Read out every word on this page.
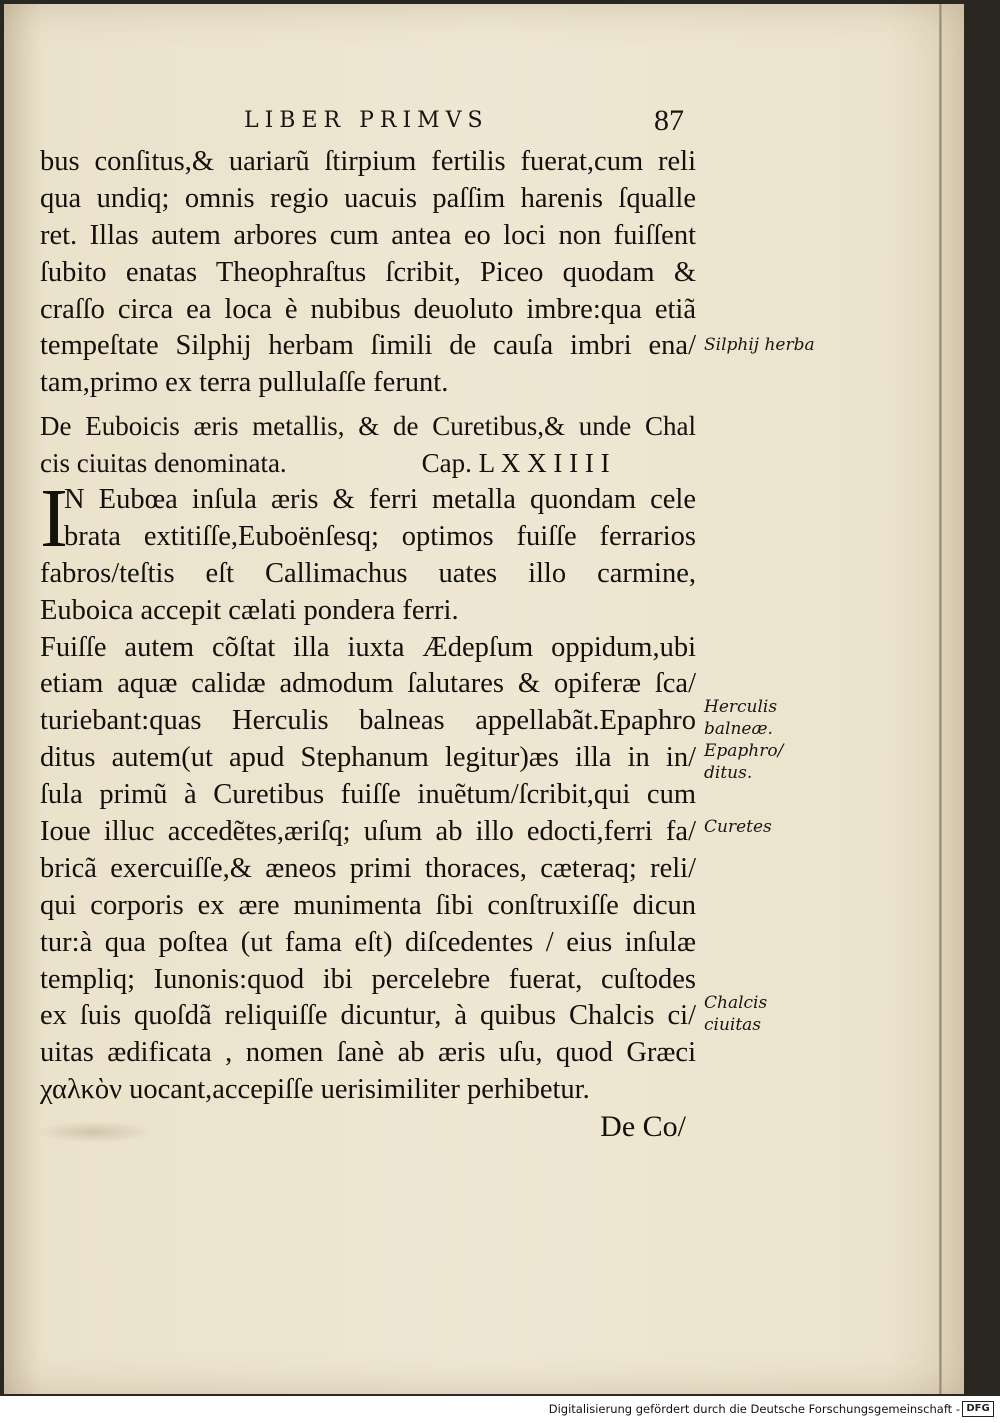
LIBER PRIMVS	87
bus conſitus,& uariarũ ſtirpium fertilis fuerat,cum reli
qua undiq; omnis regio uacuis paſſim harenis ſqualle
ret. Illas autem arbores cum antea eo loci non fuiſſent
ſubito enatas Theophraſtus ſcribit, Piceo quodam &
craſſo circa ea loca è nubibus deuoluto imbre:qua etiã
tempeſtate Silphij herbam ſimili de cauſa imbri ena/
tam,primo ex terra pullulaſſe ferunt.
De Euboicis æris metallis, & de Curetibus,& unde Chal
cis ciuitas denominata.                    Cap. L X X I I I I
I
N Eubœa inſula æris & ferri metalla quondam cele
brata extitiſſe,Euboënſesq; optimos fuiſſe ferrarios
fabros/teſtis eſt Callimachus uates illo carmine,
Euboica accepit cælati pondera ferri.
Fuiſſe autem cõſtat illa iuxta Ædepſum oppidum,ubi
etiam aquæ calidæ admodum ſalutares & opiferæ ſca/
turiebant:quas Herculis balneas appellabãt.Epaphro
ditus autem(ut apud Stephanum legitur)æs illa in in/
ſula primũ à Curetibus fuiſſe inuẽtum/ſcribit,qui cum
Ioue illuc accedẽtes,æriſq; uſum ab illo edocti,ferri fa/
bricã exercuiſſe,& æneos primi thoraces, cæteraq; reli/
qui corporis ex ære munimenta ſibi conſtruxiſſe dicun
tur:à qua poſtea (ut fama eſt) diſcedentes / eius inſulæ
templiq; Iunonis:quod ibi percelebre fuerat, cuſtodes
ex ſuis quoſdã reliquiſſe dicuntur, à quibus Chalcis ci/
uitas ædificata , nomen ſanè ab æris uſu, quod Græci
χαλκὸν uocant,accepiſſe uerisimiliter perhibetur.
De Co/
Silphij herba
Herculis
balneæ.
Epaphro/
ditus.
Curetes
Chalcis
ciuitas
Digitalisierung gefördert durch die Deutsche Forschungsgemeinschaft - DFG
